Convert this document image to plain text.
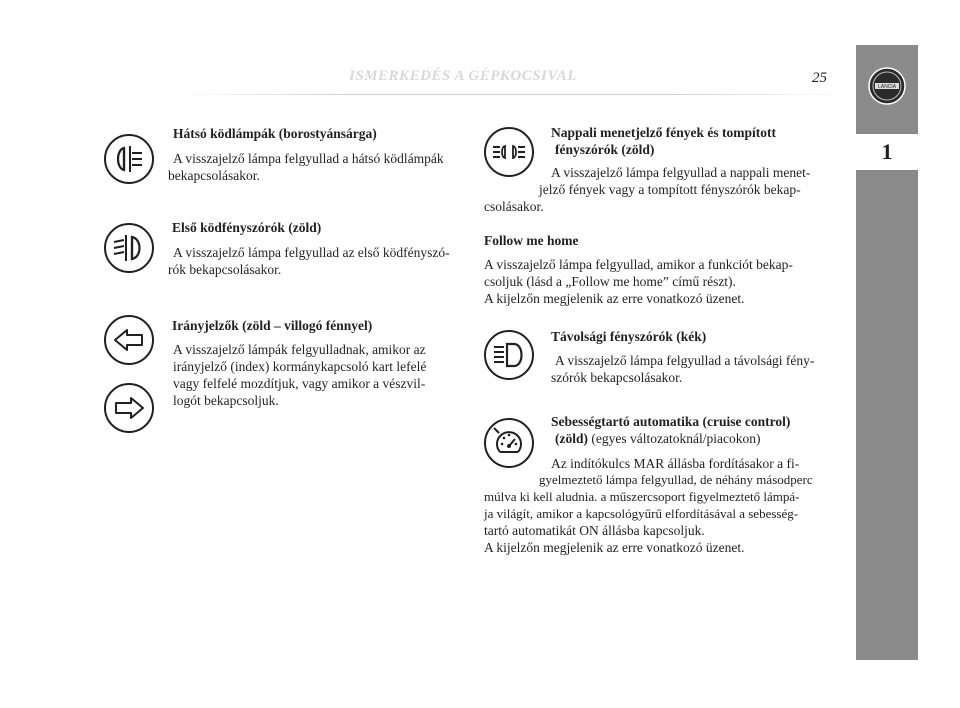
ISMERKEDÉS A GÉPKOCSIVAL	25
LANCIA
1
Hátsó ködlámpák (borostyánsárga)
A visszajelző lámpa felgyullad a hátsó ködlámpák
bekapcsolásakor.
Első ködfényszórók (zöld)
A visszajelző lámpa felgyullad az első ködfényszó-
rók bekapcsolásakor.
Irányjelzők (zöld – villogó fénnyel)
A visszajelző lámpák felgyulladnak, amikor az
irányjelző (index) kormánykapcsoló kart lefelé
vagy felfelé mozdítjuk, vagy amikor a vészvil-
logót bekapcsoljuk.
Nappali menetjelző fények és tompított
fényszórók (zöld)
A visszajelző lámpa felgyullad a nappali menet-
jelző fények vagy a tompított fényszórók bekap-
csolásakor.
Follow me home
A visszajelző lámpa felgyullad, amikor a funkciót bekap-
csoljuk (lásd a „Follow me home” című részt).
A kijelzőn megjelenik az erre vonatkozó üzenet.
Távolsági fényszórók (kék)
A visszajelző lámpa felgyullad a távolsági fény-
szórók bekapcsolásakor.
Sebességtartó automatika (cruise control)
(zöld) (egyes változatoknál/piacokon)
Az indítókulcs MAR állásba fordításakor a fi-
gyelmeztető lámpa felgyullad, de néhány másodperc
múlva ki kell aludnia. a műszercsoport figyelmeztető lámpá-
ja világít, amikor a kapcsológyűrű elfordításával a sebesség-
tartó automatikát ON állásba kapcsoljuk.
A kijelzőn megjelenik az erre vonatkozó üzenet.
